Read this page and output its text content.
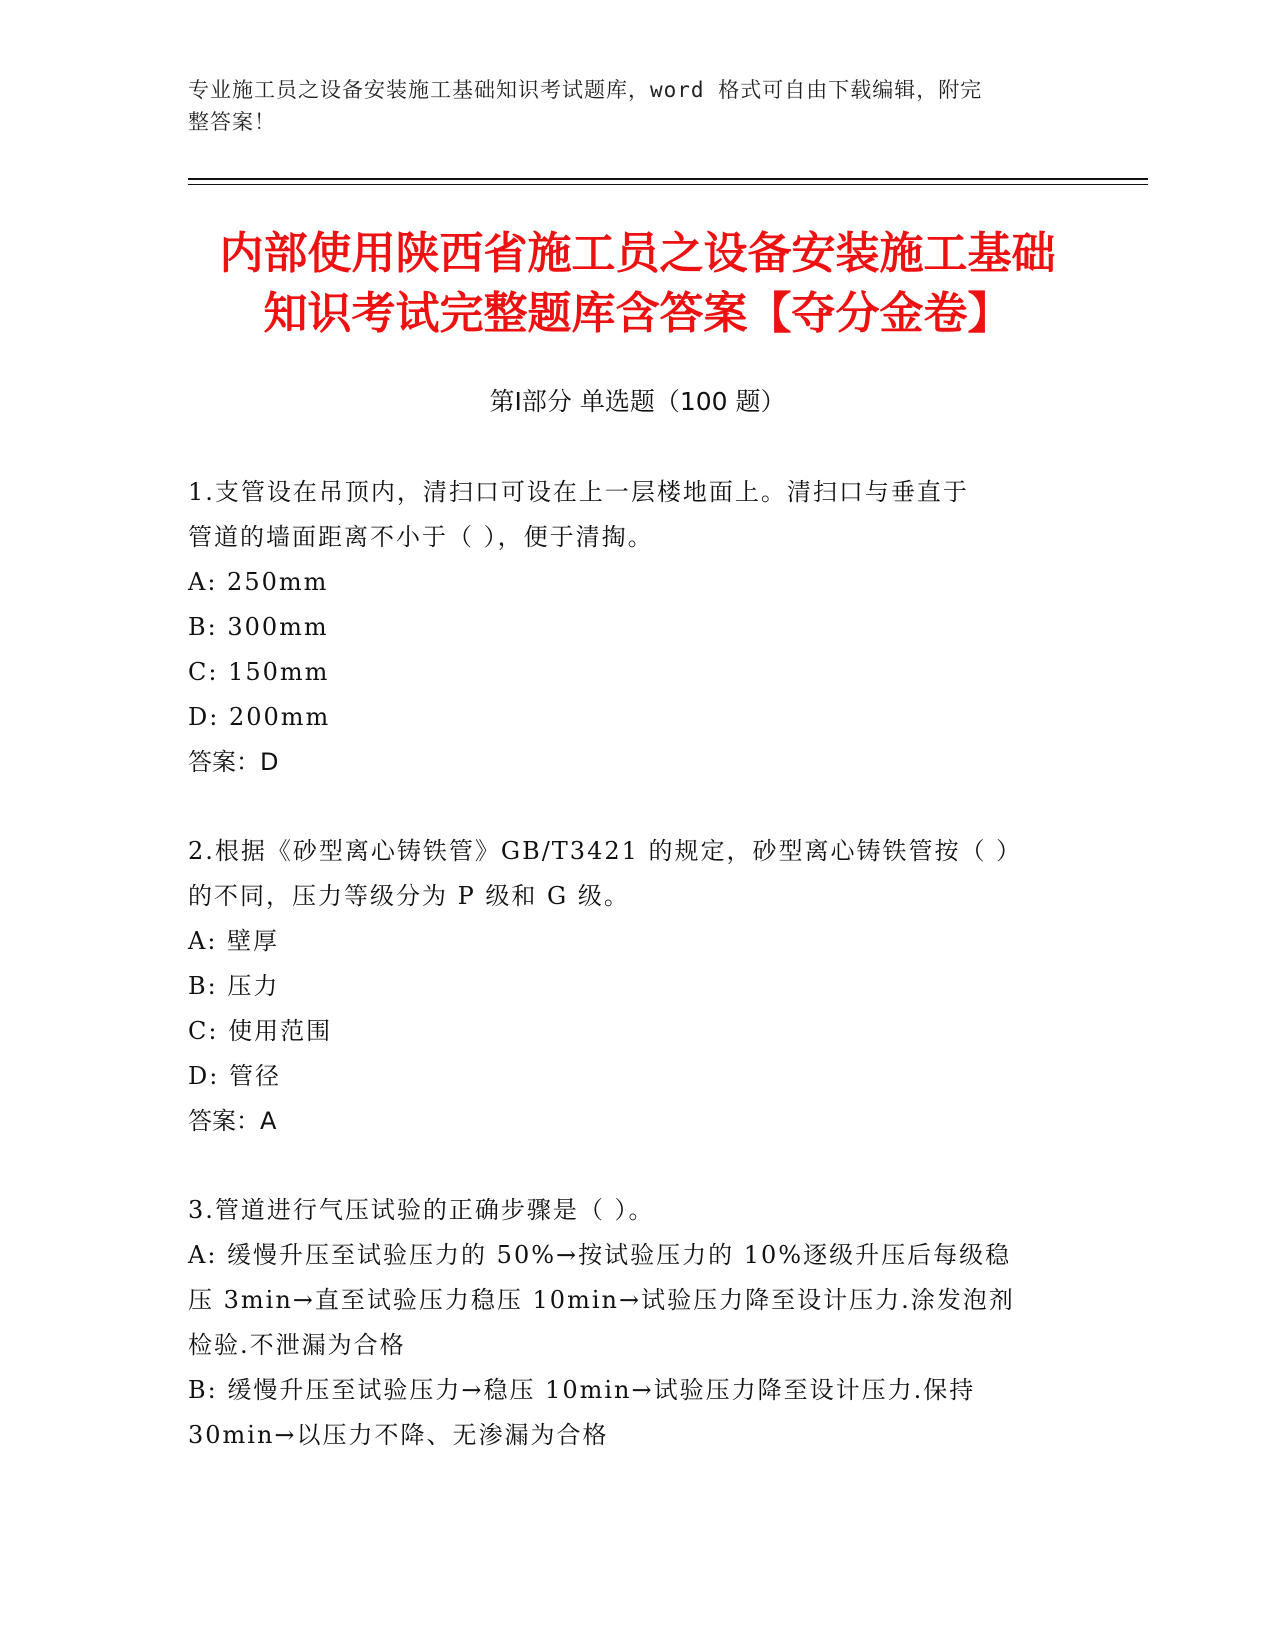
专业施工员之设备安装施工基础知识考试题库，word 格式可自由下载编辑，附完
整答案！
内部使用陕西省施工员之设备安装施工基础
知识考试完整题库含答案【夺分金卷】
第Ⅰ部分 单选题（100 题）

1.支管设在吊顶内，清扫口可设在上一层楼地面上。清扫口与垂直于

管道的墙面距离不小于（ ），便于清掏。

A: 250mm

B: 300mm

C: 150mm

D: 200mm

答案：D

2.根据《砂型离心铸铁管》GB/T3421 的规定，砂型离心铸铁管按（ ）

的不同，压力等级分为 P 级和 G 级。

A: 壁厚

B: 压力

C: 使用范围

D: 管径

答案：A

3.管道进行气压试验的正确步骤是（ ）。

A: 缓慢升压至试验压力的 50%→按试验压力的 10%逐级升压后每级稳

压 3min→直至试验压力稳压 10min→试验压力降至设计压力.涂发泡剂

检验.不泄漏为合格

B: 缓慢升压至试验压力→稳压 10min→试验压力降至设计压力.保持

30min→以压力不降、无渗漏为合格
